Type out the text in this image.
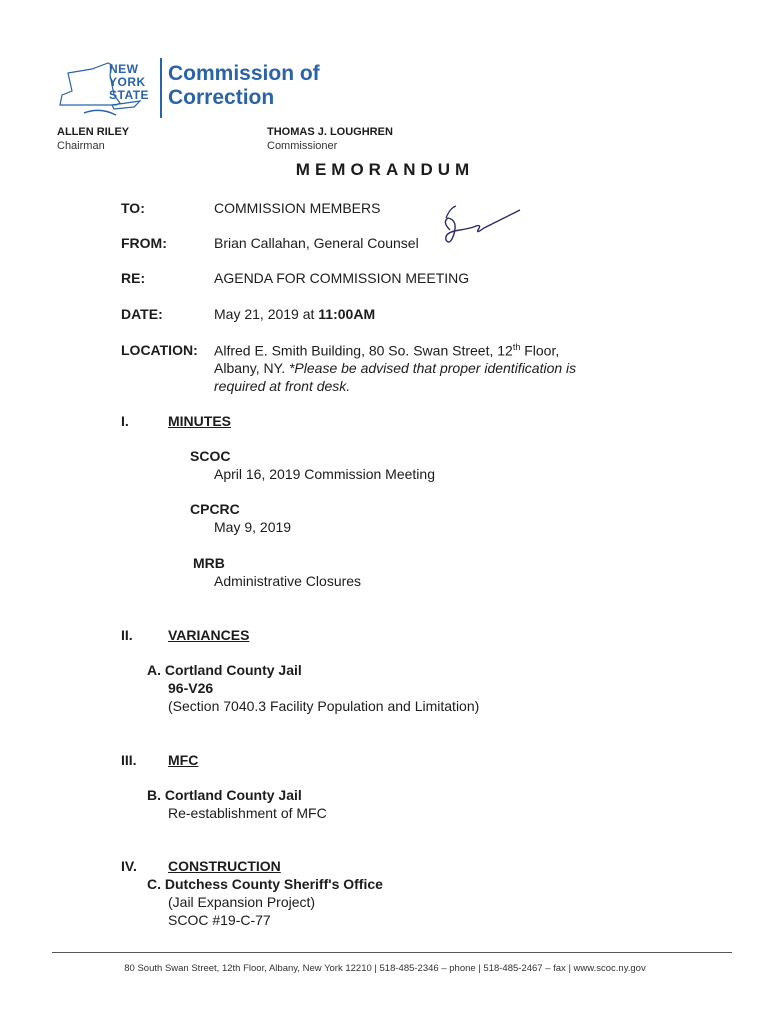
NEW
YORK
STATE
Commission of
Correction
ALLEN RILEY
Chairman
THOMAS J. LOUGHREN
Commissioner
MEMORANDUM
TO:	COMMISSION MEMBERS
FROM:	Brian Callahan, General Counsel
RE:	AGENDA FOR COMMISSION MEETING
DATE:	May 21, 2019 at 11:00AM
LOCATION: Alfred E. Smith Building, 80 So. Swan Street, 12th Floor,
Albany, NY. *Please be advised that proper identification is
required at front desk.
I.	MINUTES
SCOC
April 16, 2019 Commission Meeting
CPCRC
May 9, 2019
MRB
Administrative Closures
II.	VARIANCES
A. Cortland County Jail
96-V26
(Section 7040.3 Facility Population and Limitation)
III. MFC
B. Cortland County Jail
Re-establishment of MFC
IV. CONSTRUCTION
C. Dutchess County Sheriff's Office
(Jail Expansion Project)
SCOC #19-C-77
80 South Swan Street, 12th Floor, Albany, New York 12210 | 518-485-2346 – phone | 518-485-2467 – fax | www.scoc.ny.gov
